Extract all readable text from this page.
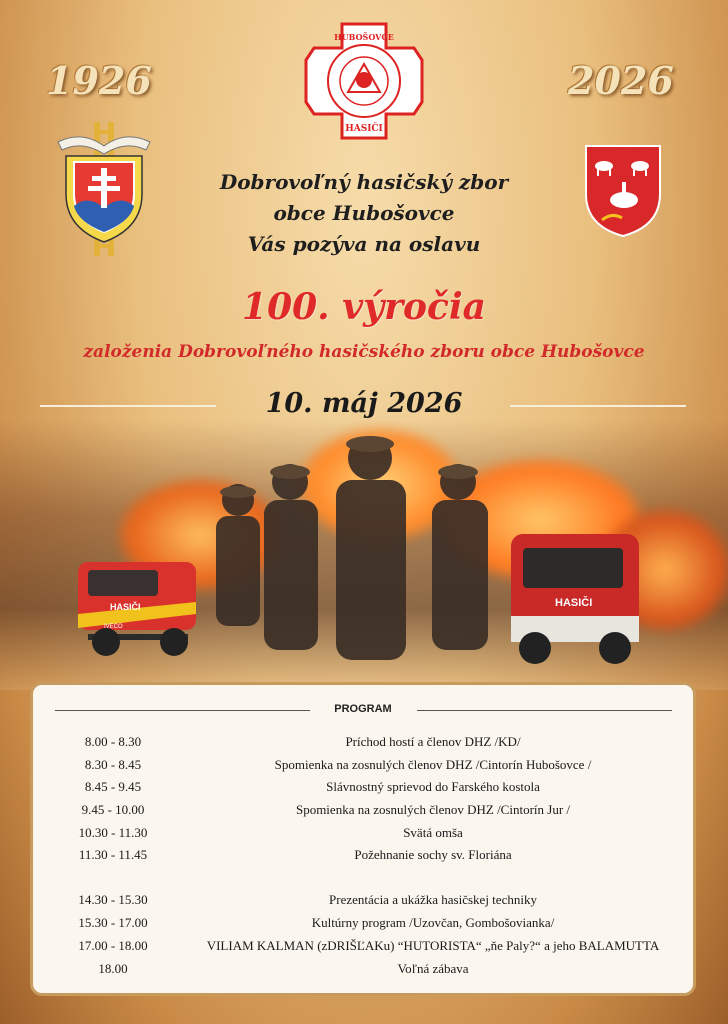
HASIČI
IVECO
HASIČI
1926	2026
HUBOŠOVCE
HASIČI
Dobrovoľný hasičský zbor
obce Hubošovce
Vás pozýva na oslavu
100. výročia
založenia Dobrovoľného hasičského zboru obce Hubošovce
10. máj 2026
PROGRAM
8.00 - 8.30	Príchod hostí a členov DHZ /KD/
8.30 - 8.45	Spomienka na zosnulých členov DHZ /Cintorín Hubošovce /
8.45 - 9.45	Slávnostný sprievod do Farského kostola
9.45 - 10.00	Spomienka na zosnulých členov DHZ /Cintorín Jur /
10.30 - 11.30	Svätá omša
11.30 - 11.45	Požehnanie sochy sv. Floriána
14.30 - 15.30	Prezentácia a ukážka hasičskej techniky
15.30 - 17.00	Kultúrny program /Uzovčan, Gombošovianka/
17.00 - 18.00	VILIAM KALMAN (zDRIŠĽAKu) “HUTORISTA“ „ňe Paly?“ a jeho BALAMUTTA
18.00	Voľná zábava
